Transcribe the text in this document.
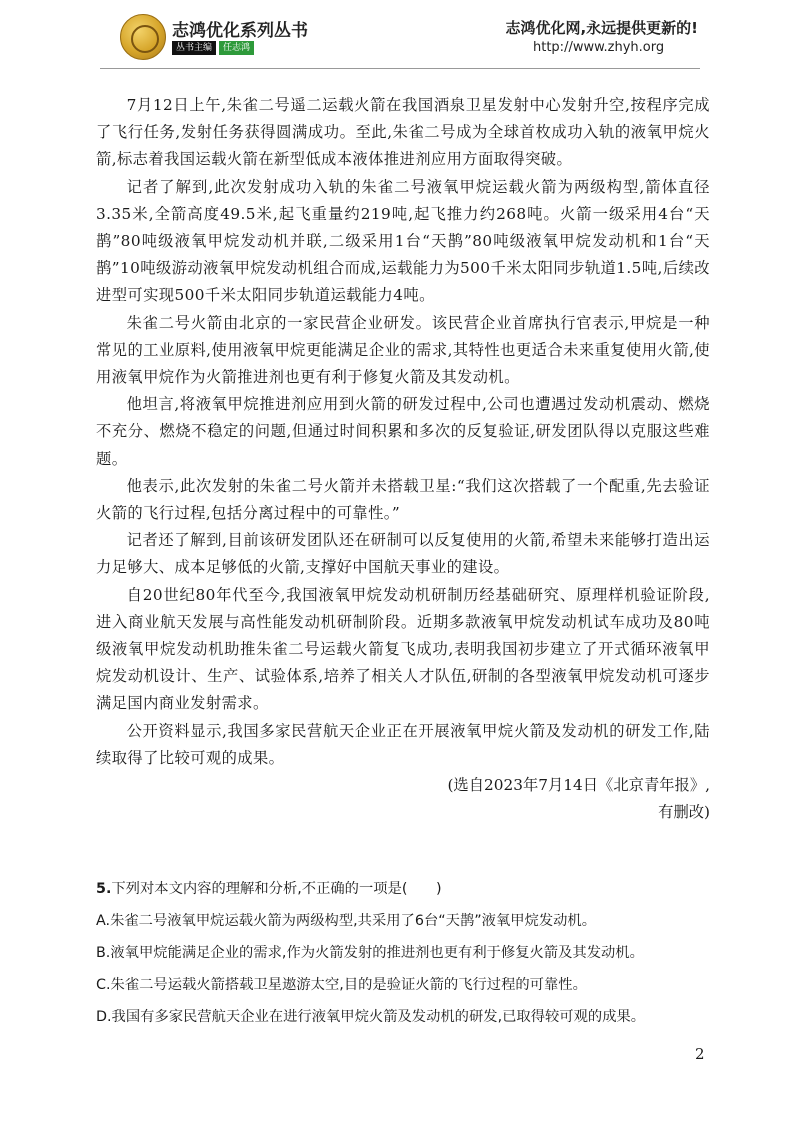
志鸿优化系列丛书
丛书主编	任志鸿
志鸿优化网,永远提供更新的!
http://www.zhyh.org

7月12日上午,朱雀二号遥二运载火箭在我国酒泉卫星发射中心发射升空,按程序完成了飞行任务,发射任务获得圆满成功。至此,朱雀二号成为全球首枚成功入轨的液氧甲烷火箭,标志着我国运载火箭在新型低成本液体推进剂应用方面取得突破。

记者了解到,此次发射成功入轨的朱雀二号液氧甲烷运载火箭为两级构型,箭体直径3.35米,全箭高度49.5米,起飞重量约219吨,起飞推力约268吨。火箭一级采用4台“天鹊”80吨级液氧甲烷发动机并联,二级采用1台“天鹊”80吨级液氧甲烷发动机和1台“天鹊”10吨级游动液氧甲烷发动机组合而成,运载能力为500千米太阳同步轨道1.5吨,后续改进型可实现500千米太阳同步轨道运载能力4吨。

朱雀二号火箭由北京的一家民营企业研发。该民营企业首席执行官表示,甲烷是一种常见的工业原料,使用液氧甲烷更能满足企业的需求,其特性也更适合未来重复使用火箭,使用液氧甲烷作为火箭推进剂也更有利于修复火箭及其发动机。

他坦言,将液氧甲烷推进剂应用到火箭的研发过程中,公司也遭遇过发动机震动、燃烧不充分、燃烧不稳定的问题,但通过时间积累和多次的反复验证,研发团队得以克服这些难题。

他表示,此次发射的朱雀二号火箭并未搭载卫星:“我们这次搭载了一个配重,先去验证火箭的飞行过程,包括分离过程中的可靠性。”

记者还了解到,目前该研发团队还在研制可以反复使用的火箭,希望未来能够打造出运力足够大、成本足够低的火箭,支撑好中国航天事业的建设。

自20世纪80年代至今,我国液氧甲烷发动机研制历经基础研究、原理样机验证阶段,进入商业航天发展与高性能发动机研制阶段。近期多款液氧甲烷发动机试车成功及80吨级液氧甲烷发动机助推朱雀二号运载火箭复飞成功,表明我国初步建立了开式循环液氧甲烷发动机设计、生产、试验体系,培养了相关人才队伍,研制的各型液氧甲烷发动机可逐步满足国内商业发射需求。

公开资料显示,我国多家民营航天企业正在开展液氧甲烷火箭及发动机的研发工作,陆续取得了比较可观的成果。

(选自2023年7月14日《北京青年报》,

有删改)

5.下列对本文内容的理解和分析,不正确的一项是(　　)

A.朱雀二号液氧甲烷运载火箭为两级构型,共采用了6台“天鹊”液氧甲烷发动机。

B.液氧甲烷能满足企业的需求,作为火箭发射的推进剂也更有利于修复火箭及其发动机。

C.朱雀二号运载火箭搭载卫星遨游太空,目的是验证火箭的飞行过程的可靠性。

D.我国有多家民营航天企业在进行液氧甲烷火箭及发动机的研发,已取得较可观的成果。

2
